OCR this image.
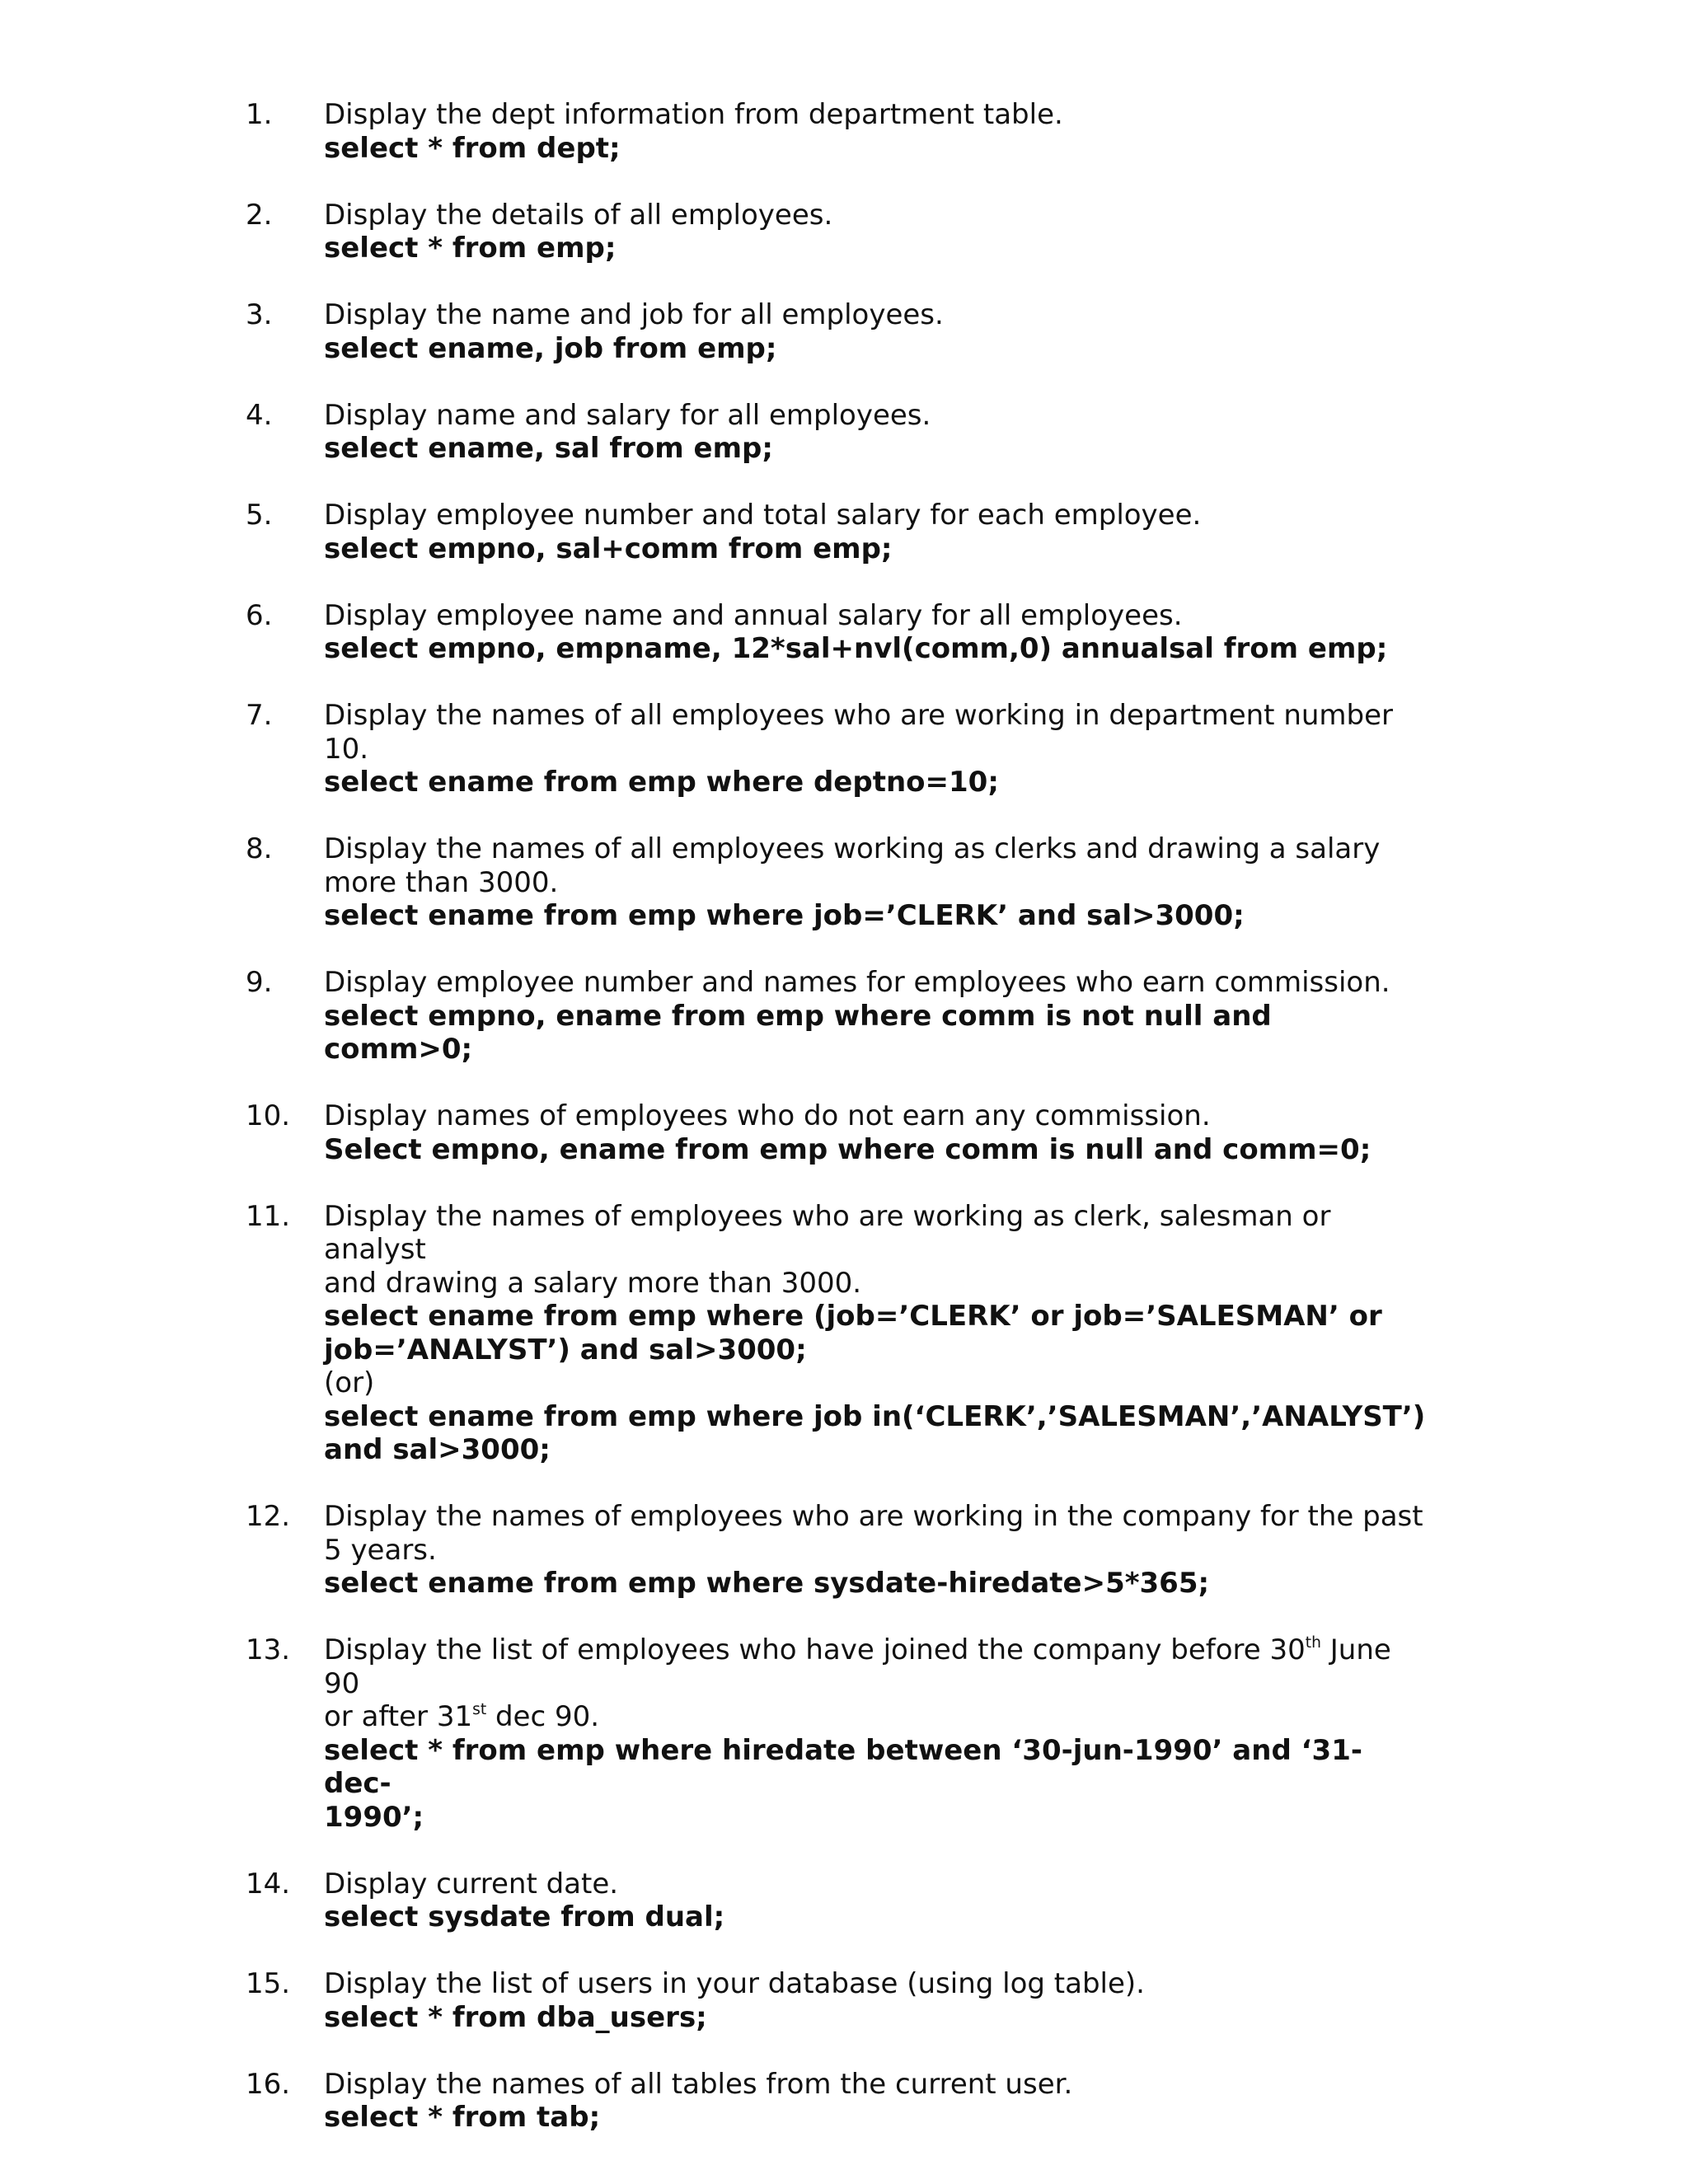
1.	Display the dept information from department table.
select * from dept;
2.	Display the details of all employees.
select * from emp;
3.	Display the name and job for all employees.
select ename, job from emp;
4.	Display name and salary for all employees.
select ename, sal from emp;
5.	Display employee number and total salary for each employee.
select empno, sal+comm from emp;
6.	Display employee name and annual salary for all employees.
select empno, empname, 12*sal+nvl(comm,0) annualsal from emp;
7.	Display the names of all employees who are working in department number 10.
select ename from emp where deptno=10;
8.	Display the names of all employees working as clerks and drawing a salary
more than 3000.
select ename from emp where job=’CLERK’ and sal>3000;
9.	Display employee number and names for employees who earn commission.
select empno, ename from emp where comm is not null and comm>0;
10.	Display names of employees who do not earn any commission.
Select empno, ename from emp where comm is null and comm=0;
11.	Display the names of employees who are working as clerk, salesman or analyst
and drawing a salary more than 3000.
select ename from emp where (job=’CLERK’ or job=’SALESMAN’ or
job=’ANALYST’) and sal>3000;
(or)
select ename from emp where job in(‘CLERK’,’SALESMAN’,’ANALYST’)
and sal>3000;
12.	Display the names of employees who are working in the company for the past
5 years.
select ename from emp where sysdate-hiredate>5*365;
13.	Display the list of employees who have joined the company before 30th June 90
or after 31st dec 90.
select * from emp where hiredate between ‘30-jun-1990’ and ‘31-dec-
1990’;
14.	Display current date.
select sysdate from dual;
15.	Display the list of users in your database (using log table).
select * from dba_users;
16.	Display the names of all tables from the current user.
select * from tab;
